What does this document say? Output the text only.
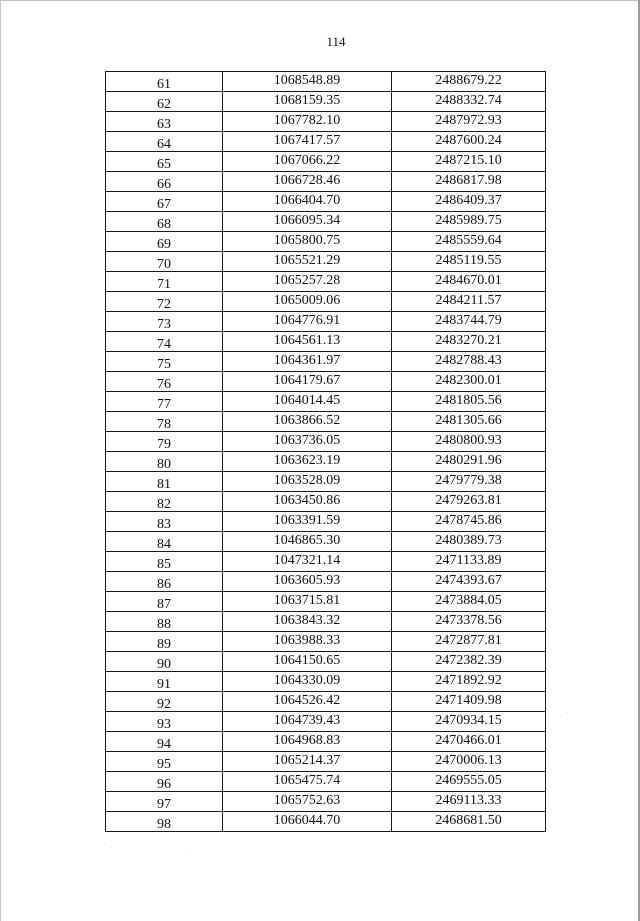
114
61	1068548.89	2488679.22
62	1068159.35	2488332.74
63	1067782.10	2487972.93
64	1067417.57	2487600.24
65	1067066.22	2487215.10
66	1066728.46	2486817.98
67	1066404.70	2486409.37
68	1066095.34	2485989.75
69	1065800.75	2485559.64
70	1065521.29	2485119.55
71	1065257.28	2484670.01
72	1065009.06	2484211.57
73	1064776.91	2483744.79
74	1064561.13	2483270.21
75	1064361.97	2482788.43
76	1064179.67	2482300.01
77	1064014.45	2481805.56
78	1063866.52	2481305.66
79	1063736.05	2480800.93
80	1063623.19	2480291.96
81	1063528.09	2479779.38
82	1063450.86	2479263.81
83	1063391.59	2478745.86
84	1046865.30	2480389.73
85	1047321.14	2471133.89
86	1063605.93	2474393.67
87	1063715.81	2473884.05
88	1063843.32	2473378.56
89	1063988.33	2472877.81
90	1064150.65	2472382.39
91	1064330.09	2471892.92
92	1064526.42	2471409.98
93	1064739.43	2470934.15
94	1064968.83	2470466.01
95	1065214.37	2470006.13
96	1065475.74	2469555.05
97	1065752.63	2469113.33
98	1066044.70	2468681.50
